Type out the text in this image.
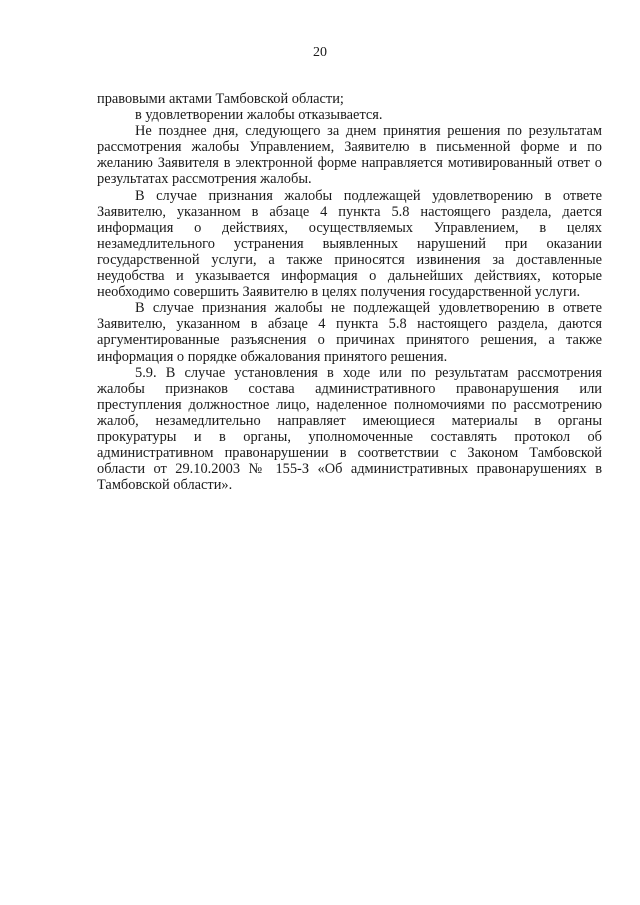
20

правовыми актами Тамбовской области;

в удовлетворении жалобы отказывается.

Не позднее дня, следующего за днем принятия решения по результатам рассмотрения жалобы Управлением, Заявителю в письменной форме и по желанию Заявителя в электронной форме направляется мотивированный ответ о результатах рассмотрения жалобы.

В случае признания жалобы подлежащей удовлетворению в ответе Заявителю, указанном в абзаце 4 пункта 5.8 настоящего раздела, дается информация о действиях, осуществляемых Управлением, в целях незамедлительного устранения выявленных нарушений при оказании государственной услуги, а также приносятся извинения за доставленные неудобства и указывается информация о дальнейших действиях, которые необходимо совершить Заявителю в целях получения государственной услуги.

В случае признания жалобы не подлежащей удовлетворению в ответе Заявителю, указанном в абзаце 4 пункта 5.8 настоящего раздела, даются аргументированные разъяснения о причинах принятого решения, а также информация о порядке обжалования принятого решения.

5.9. В случае установления в ходе или по результатам рассмотрения жалобы признаков состава административного правонарушения или преступления должностное лицо, наделенное полномочиями по рассмотрению жалоб, незамедлительно направляет имеющиеся материалы в органы прокуратуры и в органы, уполномоченные составлять протокол об административном правонарушении в соответствии с Законом Тамбовской области от 29.10.2003 № 155-З «Об административных правонарушениях в Тамбовской области».
